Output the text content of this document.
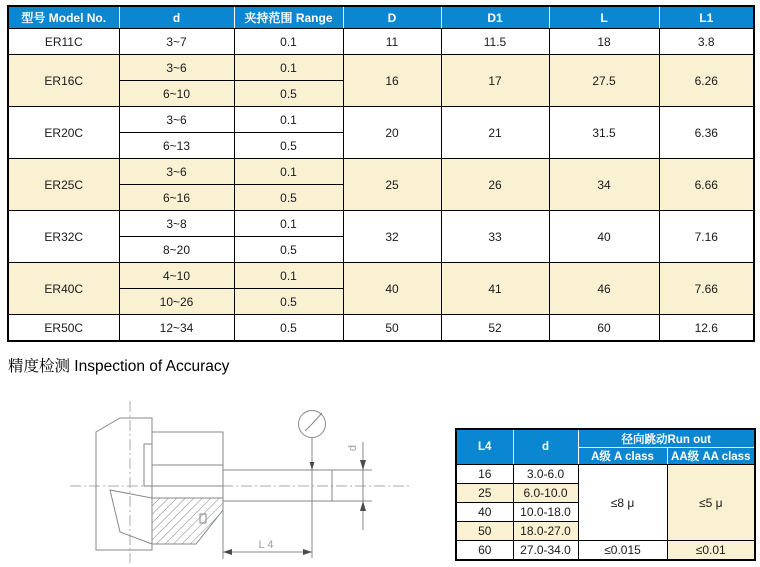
型号 Model No.	d	夹持范围 Range	D	D1	L	L1
ER11C	3~7	0.1	11	11.5	18	3.8
ER16C	3~6	0.1	16	17	27.5	6.26
	6~10	0.5				
ER20C	3~6	0.1	20	21	31.5	6.36
	6~13	0.5				
ER25C	3~6	0.1	25	26	34	6.66
	6~16	0.5				
ER32C	3~8	0.1	32	33	40	7.16
	8~20	0.5				
ER40C	4~10	0.1	40	41	46	7.66
	10~26	0.5				
ER50C	12~34	0.5	50	52	60	12.6
精度检测 Inspection of Accuracy
d
L 4
L4	d	径向跳动Run out	
		A级 A class	AA级 AA class
16	3.0-6.0	≤8 μ	≤5 μ
25	6.0-10.0		
40	10.0-18.0		
50	18.0-27.0		
60	27.0-34.0	≤0.015	≤0.01
